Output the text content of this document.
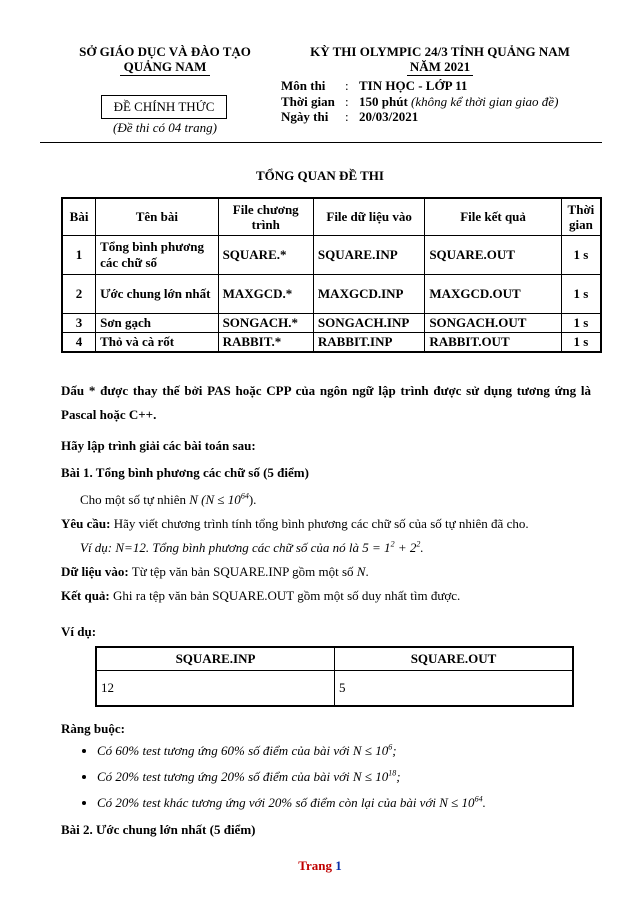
SỞ GIÁO DỤC VÀ ĐÀO TẠO
QUẢNG NAM
ĐỀ CHÍNH THỨC
(Đề thi có 04 trang)
KỲ THI OLYMPIC 24/3 TỈNH QUẢNG NAM
NĂM 2021
Môn thi	: TIN HỌC - LỚP 11
Thời gian : 150 phút
(không kể thời gian giao đề)
Ngày thi	: 20/03/2021
TỔNG QUAN ĐỀ THI
Bài	Tên bài	File chương trình	File dữ liệu vào	File kết quả	Thời gian
1	Tổng bình phương các chữ số	SQUARE.*	SQUARE.INP	SQUARE.OUT	1 s
2	Ước chung lớn nhất	MAXGCD.*	MAXGCD.INP	MAXGCD.OUT	1 s
3	Sơn gạch	SONGACH.*	SONGACH.INP	SONGACH.OUT	1 s
4	Thỏ và cà rốt	RABBIT.*	RABBIT.INP	RABBIT.OUT	1 s
Dấu * được thay thế bởi PAS hoặc CPP của ngôn ngữ lập trình được sử dụng tương ứng là Pascal hoặc C++.
Hãy lập trình giải các bài toán sau:
Bài 1. Tổng bình phương các chữ số (5 điểm)
Cho một số tự nhiên N $(N \le 10^{64})$.
Yêu cầu: Hãy viết chương trình tính tổng bình phương các chữ số của số tự nhiên đã cho.
Ví dụ: N=12. Tổng bình phương các chữ số của nó là $5 = 1^2 + 2^2$.
Dữ liệu vào: Từ tệp văn bản SQUARE.INP gồm một số N.
Kết quả: Ghi ra tệp văn bản SQUARE.OUT gồm một số duy nhất tìm được.
Ví dụ:
SQUARE.INP	SQUARE.OUT
12	5
Ràng buộc:
• Có 60% test tương ứng 60% số điểm của bài với $N \le 10^6$;
• Có 20% test tương ứng 20% số điểm của bài với $N \le 10^{18}$;
• Có 20% test khác tương ứng với 20% số điểm còn lại của bài với $N \le 10^{64}$.
Bài 2. Ước chung lớn nhất (5 điểm)
Trang 1
